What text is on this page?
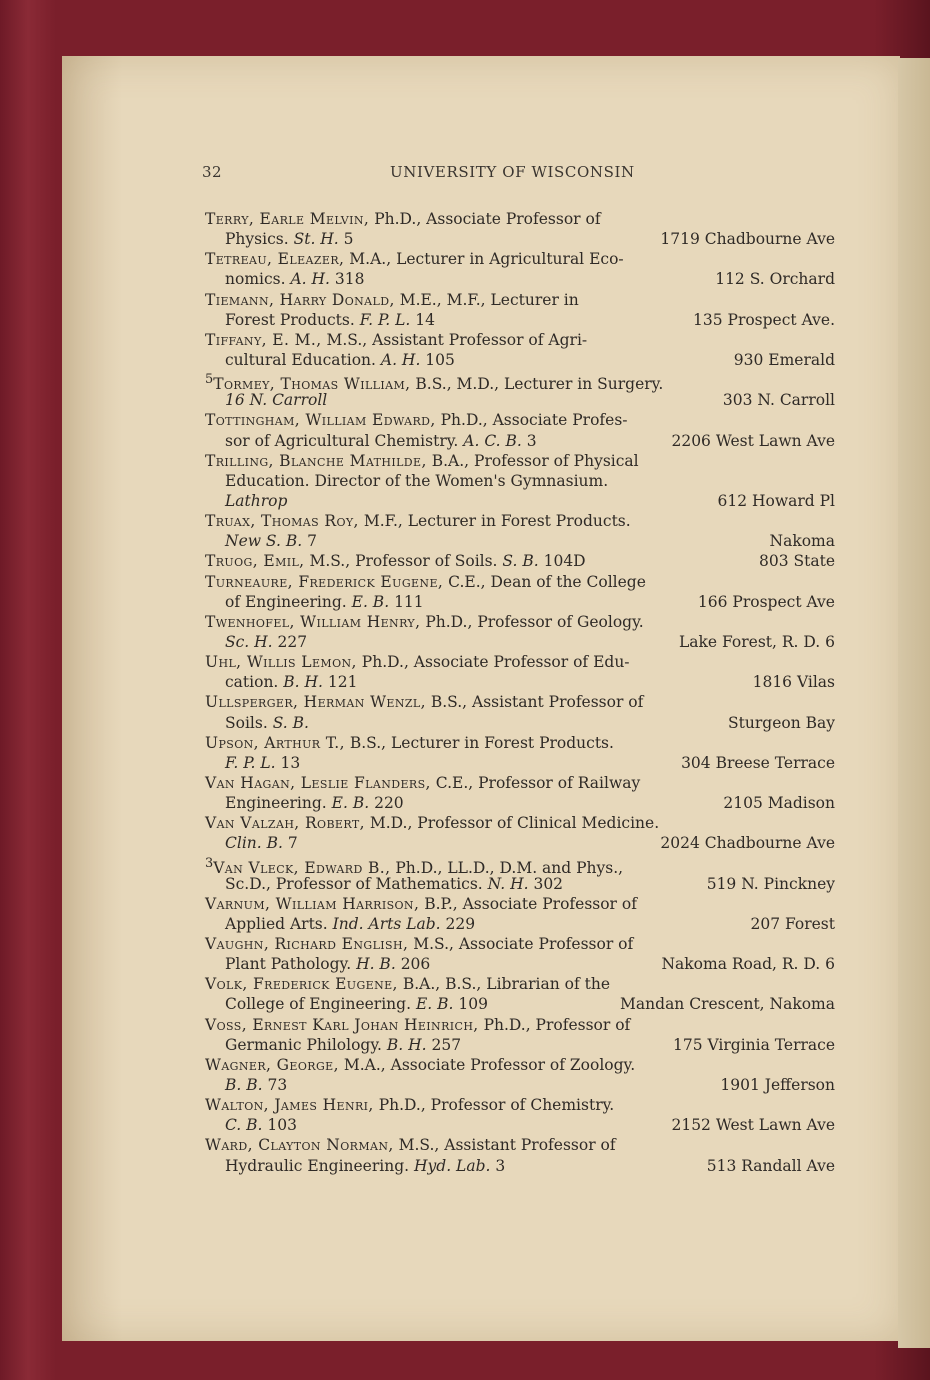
32	UNIVERSITY OF WISCONSIN
Terry, Earle Melvin, Ph.D., Associate Professor of
Physics. St. H. 5	1719 Chadbourne Ave
Tetreau, Eleazer, M.A., Lecturer in Agricultural Eco-
nomics. A. H. 318	112 S. Orchard
Tiemann, Harry Donald, M.E., M.F., Lecturer in
Forest Products. F. P. L. 14	135 Prospect Ave.
Tiffany, E. M., M.S., Assistant Professor of Agri-
cultural Education. A. H. 105	930 Emerald
$^5$Tormey, Thomas William, B.S., M.D., Lecturer in Surgery.
16 N. Carroll	303 N. Carroll
Tottingham, William Edward, Ph.D., Associate Profes-
sor of Agricultural Chemistry. A. C. B. 3	2206 West Lawn Ave
Trilling, Blanche Mathilde, B.A., Professor of Physical
Education. Director of the Women's Gymnasium.
Lathrop	612 Howard Pl
Truax, Thomas Roy, M.F., Lecturer in Forest Products.
New S. B. 7	Nakoma
Truog, Emil, M.S., Professor of Soils. S. B. 104D	803 State
Turneaure, Frederick Eugene, C.E., Dean of the College
of Engineering. E. B. 111	166 Prospect Ave
Twenhofel, William Henry, Ph.D., Professor of Geology.
Sc. H. 227	Lake Forest, R. D. 6
Uhl, Willis Lemon, Ph.D., Associate Professor of Edu-
cation. B. H. 121	1816 Vilas
Ullsperger, Herman Wenzl, B.S., Assistant Professor of
Soils. S. B.	Sturgeon Bay
Upson, Arthur T., B.S., Lecturer in Forest Products.
F. P. L. 13	304 Breese Terrace
Van Hagan, Leslie Flanders, C.E., Professor of Railway
Engineering. E. B. 220	2105 Madison
Van Valzah, Robert, M.D., Professor of Clinical Medicine.
Clin. B. 7	2024 Chadbourne Ave
$^3$Van Vleck, Edward B., Ph.D., LL.D., D.M. and Phys.,
Sc.D., Professor of Mathematics. N. H. 302	519 N. Pinckney
Varnum, William Harrison, B.P., Associate Professor of
Applied Arts. Ind. Arts Lab. 229	207 Forest
Vaughn, Richard English, M.S., Associate Professor of
Plant Pathology. H. B. 206	Nakoma Road, R. D. 6
Volk, Frederick Eugene, B.A., B.S., Librarian of the
College of Engineering. E. B. 109	Mandan Crescent, Nakoma
Voss, Ernest Karl Johan Heinrich, Ph.D., Professor of
Germanic Philology. B. H. 257	175 Virginia Terrace
Wagner, George, M.A., Associate Professor of Zoology.
B. B. 73	1901 Jefferson
Walton, James Henri, Ph.D., Professor of Chemistry.
C. B. 103	2152 West Lawn Ave
Ward, Clayton Norman, M.S., Assistant Professor of
Hydraulic Engineering. Hyd. Lab. 3	513 Randall Ave
